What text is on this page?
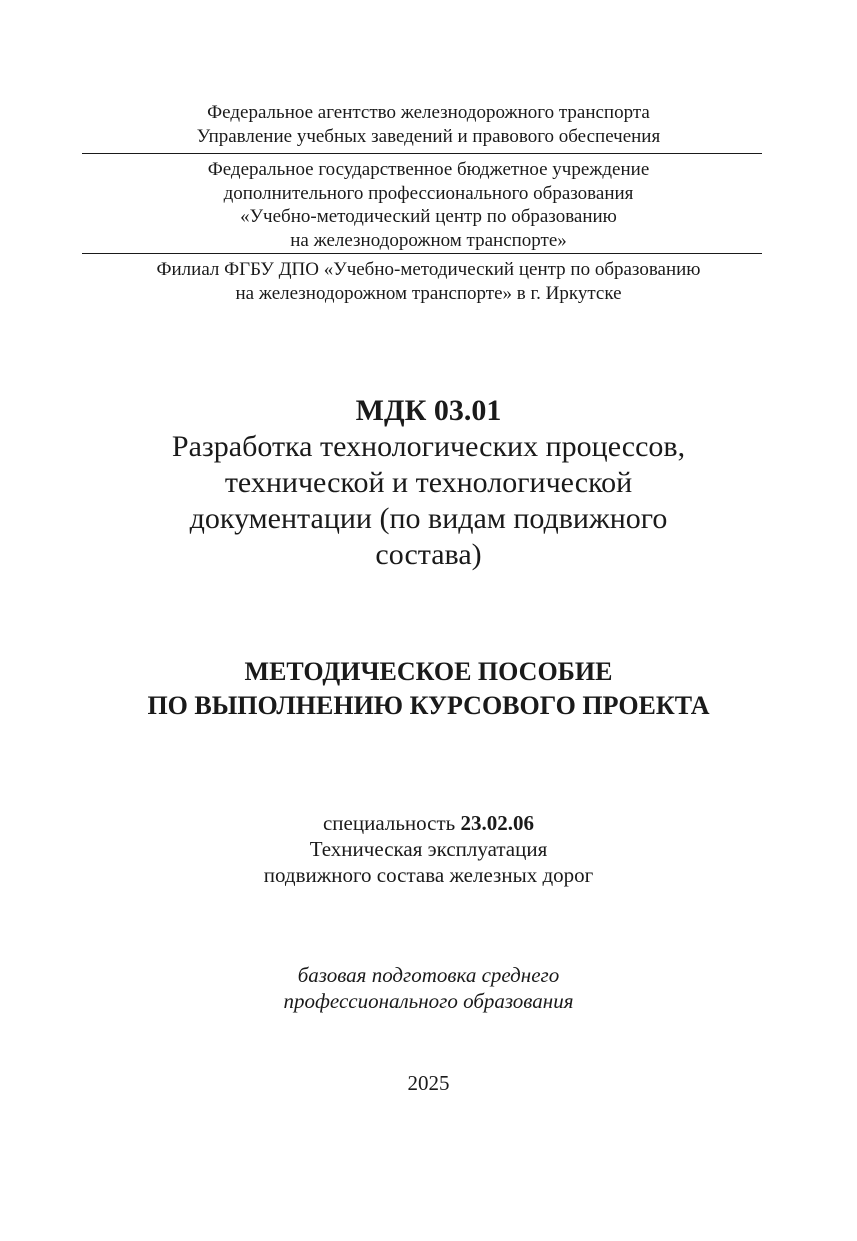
Федеральное агентство железнодорожного транспорта
Управление учебных заведений и правового обеспечения
Федеральное государственное бюджетное учреждение
дополнительного профессионального образования
«Учебно-методический центр по образованию
на железнодорожном транспорте»
Филиал ФГБУ ДПО «Учебно-методический центр по образованию
на железнодорожном транспорте» в г. Иркутске
МДК 03.01
Разработка технологических процессов,
технической и технологической
документации (по видам подвижного
состава)
МЕТОДИЧЕСКОЕ ПОСОБИЕ
ПО ВЫПОЛНЕНИЮ КУРСОВОГО ПРОЕКТА
специальность 23.02.06
Техническая эксплуатация
подвижного состава железных дорог
базовая подготовка среднего
профессионального образования
2025
